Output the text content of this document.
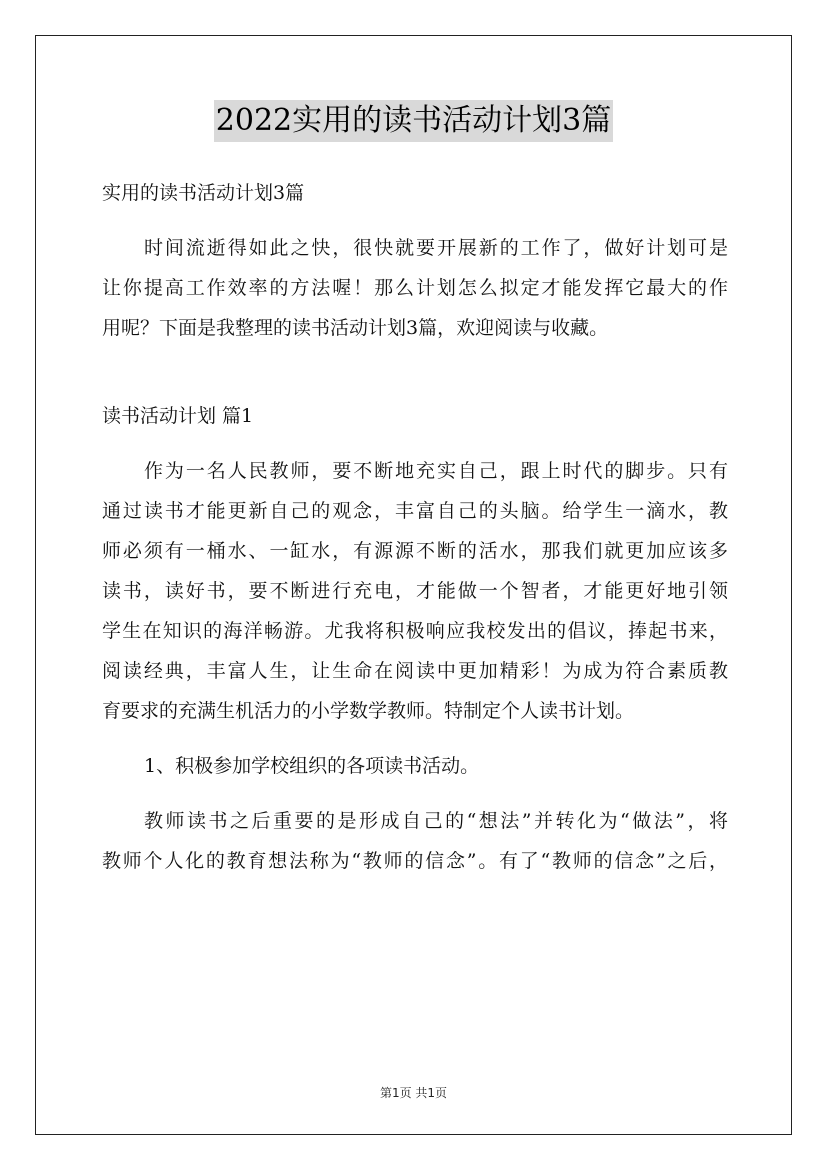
2022实用的读书活动计划3篇
实用的读书活动计划3篇
时间流逝得如此之快，很快就要开展新的工作了，做好计划可是
让你提高工作效率的方法喔！那么计划怎么拟定才能发挥它最大的作
用呢？下面是我整理的读书活动计划3篇，欢迎阅读与收藏。
读书活动计划 篇1
作为一名人民教师，要不断地充实自己，跟上时代的脚步。只有
通过读书才能更新自己的观念，丰富自己的头脑。给学生一滴水，教
师必须有一桶水、一缸水，有源源不断的活水，那我们就更加应该多
读书，读好书，要不断进行充电，才能做一个智者，才能更好地引领
学生在知识的海洋畅游。尤我将积极响应我校发出的倡议，捧起书来，
阅读经典，丰富人生，让生命在阅读中更加精彩！为成为符合素质教
育要求的充满生机活力的小学数学教师。特制定个人读书计划。
1、积极参加学校组织的各项读书活动。
教师读书之后重要的是形成自己的“想法”并转化为“做法”，将
教师个人化的教育想法称为“教师的信念”。有了“教师的信念”之后，
第1页 共1页
